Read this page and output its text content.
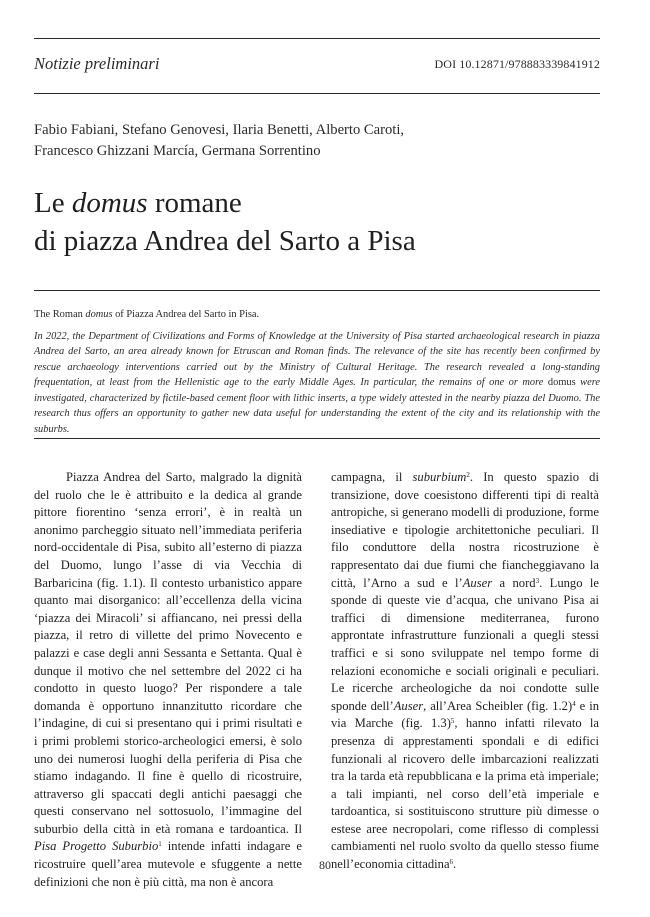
Notizie preliminari	DOI 10.12871/978883339841912
Fabio Fabiani, Stefano Genovesi, Ilaria Benetti, Alberto Caroti,
Francesco Ghizzani Marcía, Germana Sorrentino
Le domus romane
di piazza Andrea del Sarto a Pisa

The Roman domus of Piazza Andrea del Sarto in Pisa.

In 2022, the Department of Civilizations and Forms of Knowledge at the University of Pisa started archaeological research in piazza Andrea del Sarto, an area already known for Etruscan and Roman finds. The relevance of the site has recently been confirmed by rescue archaeology interventions carried out by the Ministry of Cultural Heritage. The research revealed a long-standing frequentation, at least from the Hellenistic age to the early Middle Ages. In particular, the remains of one or more domus were investigated, characterized by fictile-based cement floor with lithic inserts, a type widely attested in the nearby piazza del Duomo. The research thus offers an opportunity to gather new data useful for understanding the extent of the city and its relationship with the suburbs.

Piazza Andrea del Sarto, malgrado la dignità del ruolo che le è attribuito e la dedica al grande pittore fiorentino ‘senza errori’, è in realtà un anonimo parcheggio situato nell’immediata periferia nord-occidentale di Pisa, subito all’esterno di piazza del Duomo, lungo l’asse di via Vecchia di Barbaricina (fig. 1.1). Il contesto urbanistico appare quanto mai disorganico: all’eccellenza della vicina ‘piazza dei Miracoli’ si affiancano, nei pressi della piazza, il retro di villette del primo Novecento e palazzi e case degli anni Sessanta e Settanta. Qual è dunque il motivo che nel settembre del 2022 ci ha condotto in questo luogo? Per rispondere a tale domanda è opportuno innanzitutto ricordare che l’indagine, di cui si presentano qui i primi risultati e i primi problemi storico-archeologici emersi, è solo uno dei numerosi luoghi della periferia di Pisa che stiamo indagando. Il fine è quello di ricostruire, attraverso gli spaccati degli antichi paesaggi che questi conservano nel sottosuolo, l’immagine del suburbio della città in età romana e tardoantica. Il Pisa Progetto Suburbio$^1$ intende infatti indagare e ricostruire quell’area mutevole e sfuggente a nette definizioni che non è più città, ma non è ancora

campagna, il suburbium$^2$. In questo spazio di transizione, dove coesistono differenti tipi di realtà antropiche, si generano modelli di produzione, forme insediative e tipologie architettoniche peculiari. Il filo conduttore della nostra ricostruzione è rappresentato dai due fiumi che fiancheggiavano la città, l’Arno a sud e l’Auser a nord$^3$. Lungo le sponde di queste vie d’acqua, che univano Pisa ai traffici di dimensione mediterranea, furono approntate infrastrutture funzionali a quegli stessi traffici e si sono sviluppate nel tempo forme di relazioni economiche e sociali originali e peculiari. Le ricerche archeologiche da noi condotte sulle sponde dell’Auser, all’Area Scheibler (fig. 1.2)$^4$ e in via Marche (fig. 1.3)$^5$, hanno infatti rilevato la presenza di apprestamenti spondali e di edifici funzionali al ricovero delle imbarcazioni realizzati tra la tarda età repubblicana e la prima età imperiale; a tali impianti, nel corso dell’età imperiale e tardoantica, si sostituiscono strutture più dimesse o estese aree necropolari, come riflesso di complessi cambiamenti nel ruolo svolto da quello stesso fiume nell’economia cittadina$^6$.

80
